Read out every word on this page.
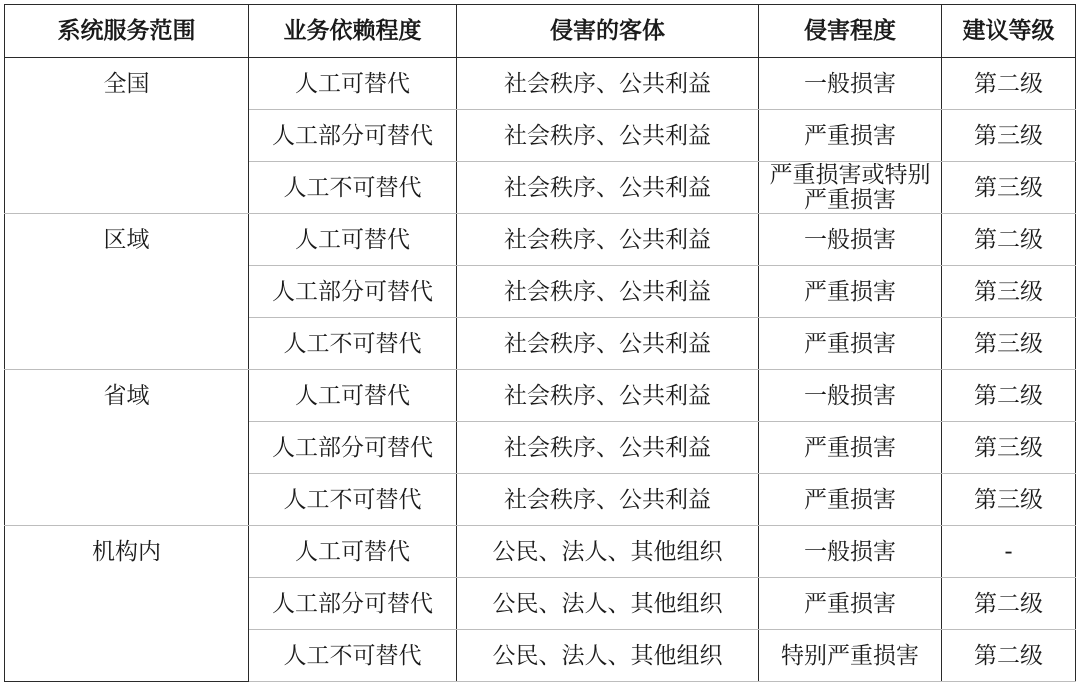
系统服务范围	业务依赖程度	侵害的客体	侵害程度	建议等级
全国	人工可替代	社会秩序、公共利益	一般损害	第二级
	人工部分可替代	社会秩序、公共利益	严重损害	第三级
	人工不可替代	社会秩序、公共利益	严重损害或特别严重损害	第三级
区域	人工可替代	社会秩序、公共利益	一般损害	第二级
	人工部分可替代	社会秩序、公共利益	严重损害	第三级
	人工不可替代	社会秩序、公共利益	严重损害	第三级
省域	人工可替代	社会秩序、公共利益	一般损害	第二级
	人工部分可替代	社会秩序、公共利益	严重损害	第三级
	人工不可替代	社会秩序、公共利益	严重损害	第三级
机构内	人工可替代	公民、法人、其他组织	一般损害	-
	人工部分可替代	公民、法人、其他组织	严重损害	第二级
	人工不可替代	公民、法人、其他组织	特别严重损害	第二级
